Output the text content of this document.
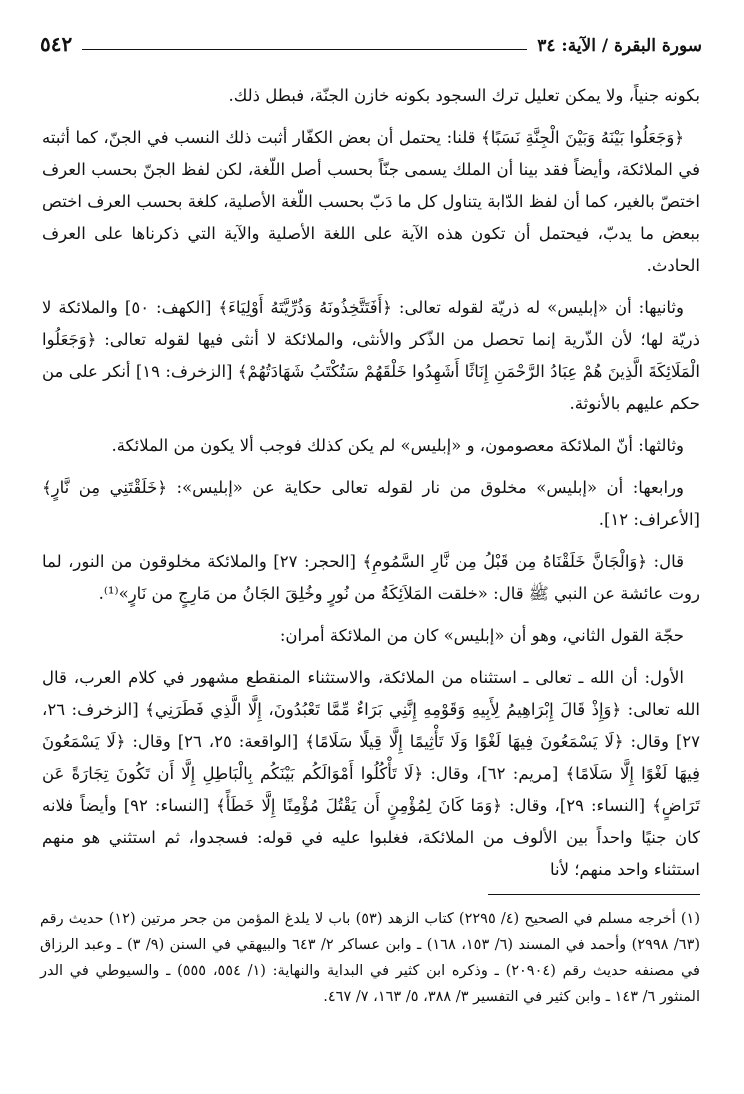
٥٤٢	سورة البقرة / الآية: ٣٤

بكونه جنياً، ولا يمكن تعليل ترك السجود بكونه خازن الجنّة، فبطل ذلك.

﴿وَجَعَلُوا بَيْنَهُ وَبَيْنَ الْجِنَّةِ نَسَبًا﴾ قلنا: يحتمل أن بعض الكفّار أثبت ذلك النسب في الجنّ، كما أثبته في الملائكة، وأيضاً فقد بينا أن الملك يسمى جنّاً بحسب أصل اللّغة، لكن لفظ الجنّ بحسب العرف اختصّ بالغير، كما أن لفظ الدّابة يتناول كل ما دَبّ بحسب اللّغة الأصلية، كلغة بحسب العرف اختص ببعض ما يدبّ، فيحتمل أن تكون هذه الآية على اللغة الأصلية والآية التي ذكرناها على العرف الحادث.

وثانيها: أن «إبليس» له ذريّة لقوله تعالى: ﴿أَفَتَتَّخِذُونَهُ وَذُرِّيَّتَهُ أَوْلِيَاءَ﴾ [الكهف: ٥٠] والملائكة لا ذريّة لها؛ لأن الذّرية إنما تحصل من الذّكر والأنثى، والملائكة لا أنثى فيها لقوله تعالى: ﴿وَجَعَلُوا الْمَلَائِكَةَ الَّذِينَ هُمْ عِبَادُ الرَّحْمَنِ إِنَاثًا أَشَهِدُوا خَلْقَهُمْ سَتُكْتَبُ شَهَادَتُهُمْ﴾ [الزخرف: ١٩] أنكر على من حكم عليهم بالأنوثة.

وثالثها: أنّ الملائكة معصومون، و «إبليس» لم يكن كذلك فوجب ألا يكون من الملائكة.

ورابعها: أن «إبليس» مخلوق من نار لقوله تعالى حكاية عن «إبليس»: ﴿خَلَقْتَنِي مِن نَّارٍ﴾ [الأعراف: ١٢].

قال: ﴿وَالْجَانَّ خَلَقْنَاهُ مِن قَبْلُ مِن نَّارِ السَّمُومِ﴾ [الحجر: ٢٧] والملائكة مخلوقون من النور، لما روت عائشة عن النبي ﷺ قال: «خلقت المَلاَئِكَةُ من نُورٍ وخُلِقَ الجَانُ من مَارِجٍ من نَارٍ»⁽¹⁾.

حجّة القول الثاني، وهو أن «إبليس» كان من الملائكة أمران:

الأول: أن الله ـ تعالى ـ استثناه من الملائكة، والاستثناء المنقطع مشهور في كلام العرب، قال الله تعالى: ﴿وَإِذْ قَالَ إِبْرَاهِيمُ لِأَبِيهِ وَقَوْمِهِ إِنَّنِي بَرَاءٌ مِّمَّا تَعْبُدُونَ، إِلَّا الَّذِي فَطَرَنِي﴾ [الزخرف: ٢٦، ٢٧] وقال: ﴿لَا يَسْمَعُونَ فِيهَا لَغْوًا وَلَا تَأْثِيمًا إِلَّا قِيلًا سَلَامًا﴾ [الواقعة: ٢٥، ٢٦] وقال: ﴿لَا يَسْمَعُونَ فِيهَا لَغْوًا إِلَّا سَلَامًا﴾ [مريم: ٦٢]، وقال: ﴿لَا تَأْكُلُوا أَمْوَالَكُم بَيْنَكُم بِالْبَاطِلِ إِلَّا أَن تَكُونَ تِجَارَةً عَن تَرَاضٍ﴾ [النساء: ٢٩]، وقال: ﴿وَمَا كَانَ لِمُؤْمِنٍ أَن يَقْتُلَ مُؤْمِنًا إِلَّا خَطَأً﴾ [النساء: ٩٢] وأيضاً فلانه كان جنيًا واحداً بين الألوف من الملائكة، فغلبوا عليه في قوله: فسجدوا، ثم استثني هو منهم استثناء واحد منهم؛ لأنا

(١) أخرجه مسلم في الصحيح (٤/ ٢٢٩٥) كتاب الزهد (٥٣) باب لا يلدغ المؤمن من جحر مرتين (١٢) حديث رقم (٦٣/ ٢٩٩٨) وأحمد في المسند (٦/ ١٥٣، ١٦٨) ـ وابن عساكر ٢/ ٦٤٣ والبيهقي في السنن (٩/ ٣) ـ وعبد الرزاق في مصنفه حديث رقم (٢٠٩٠٤) ـ وذكره ابن كثير في البداية والنهاية: (١/ ٥٥٤، ٥٥٥) ـ والسيوطي في الدر المنثور ٦/ ١٤٣ ـ وابن كثير في التفسير ٣/ ٣٨٨، ٥/ ١٦٣، ٧/ ٤٦٧.
